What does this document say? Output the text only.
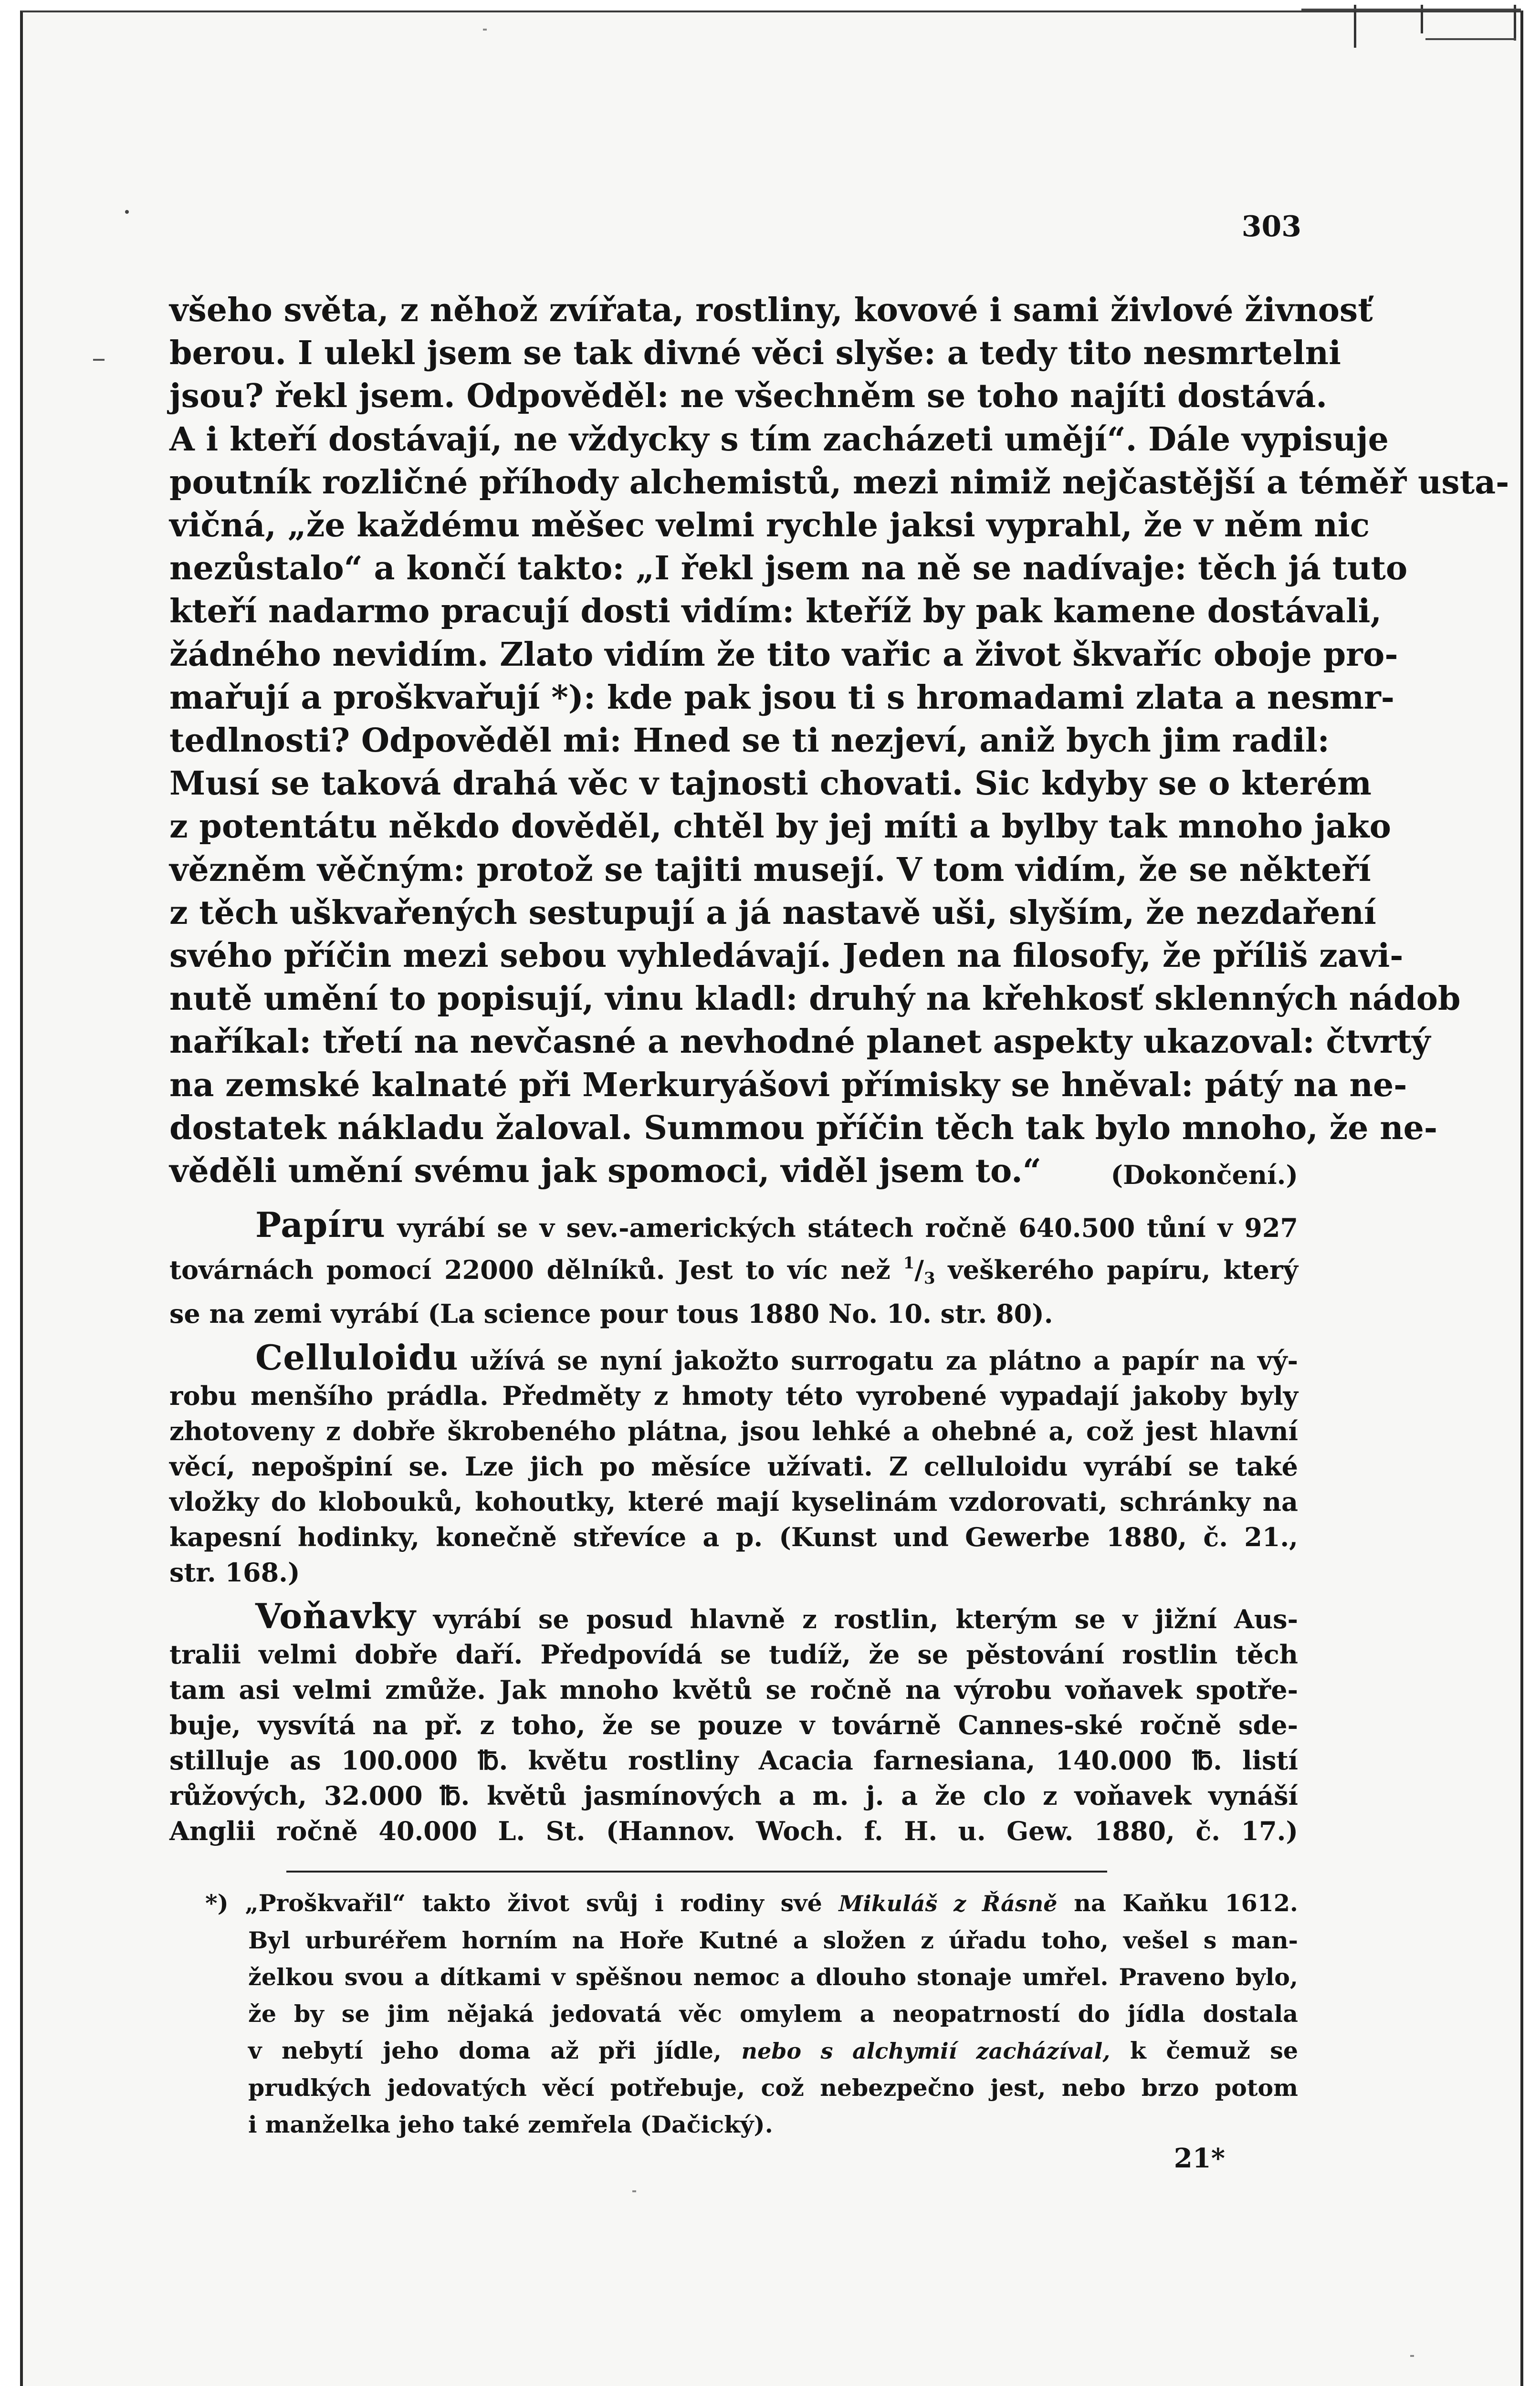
303
všeho světa, z něhož zvířata, rostliny, kovové i sami živlové živnosť
berou. I ulekl jsem se tak divné věci slyše: a tedy tito nesmrtelni
jsou? řekl jsem. Odpověděl: ne všechněm se toho najíti dostává.
A i kteří dostávají, ne vždycky s tím zacházeti umějí“. Dále vypisuje
poutník rozličné příhody alchemistů, mezi nimiž nejčastější a téměř usta-
vičná, „že každému měšec velmi rychle jaksi vyprahl, že v něm nic
nezůstalo“ a končí takto: „I řekl jsem na ně se nadívaje: těch já tuto
kteří nadarmo pracují dosti vidím: kteříž by pak kamene dostávali,
žádného nevidím. Zlato vidím že tito vařic a život škvaříc oboje pro-
mařují a proškvařují *): kde pak jsou ti s hromadami zlata a nesmr-
tedlnosti? Odpověděl mi: Hned se ti nezjeví, aniž bych jim radil:
Musí se taková drahá věc v tajnosti chovati. Sic kdyby se o kterém
z potentátu někdo dověděl, chtěl by jej míti a bylby tak mnoho jako
vězněm věčným: protož se tajiti musejí. V tom vidím, že se někteří
z těch uškvařených sestupují a já nastavě uši, slyším, že nezdaření
svého příčin mezi sebou vyhledávají. Jeden na filosofy, že příliš zavi-
nutě umění to popisují, vinu kladl: druhý na křehkosť sklenných nádob
naříkal: třetí na nevčasné a nevhodné planet aspekty ukazoval: čtvrtý
na zemské kalnaté při Merkuryášovi přímisky se hněval: pátý na ne-
dostatek nákladu žaloval. Summou příčin těch tak bylo mnoho, že ne-
věděli umění svému jak spomoci, viděl jsem to.“	(Dokončení.)
Papíru vyrábí se v sev.-amerických státech ročně 640.500 tůní v 927
továrnách pomocí 22000 dělníků. Jest to víc než $^1/_3$ veškerého papíru, který
se na zemi vyrábí (La science pour tous 1880 No. 10. str. 80).
Celluloidu užívá se nyní jakožto surrogatu za plátno a papír na vý-
robu menšího prádla. Předměty z hmoty této vyrobené vypadají jakoby byly
zhotoveny z dobře škrobeného plátna, jsou lehké a ohebné a, což jest hlavní
věcí, nepošpiní se. Lze jich po měsíce užívati. Z celluloidu vyrábí se také
vložky do klobouků, kohoutky, které mají kyselinám vzdorovati, schránky na
kapesní hodinky, konečně střevíce a p. (Kunst und Gewerbe 1880, č. 21.,
str. 168.)
Voňavky vyrábí se posud hlavně z rostlin, kterým se v jižní Aus-
tralii velmi dobře daří. Předpovídá se tudíž, že se pěstování rostlin těch
tam asi velmi zmůže. Jak mnoho květů se ročně na výrobu voňavek spotře-
buje, vysvítá na př. z toho, že se pouze v továrně Cannes-ské ročně sde-
stilluje as 100.000 ℔. květu rostliny Acacia farnesiana, 140.000 ℔. listí
růžových, 32.000 ℔. květů jasmínových a m. j. a že clo z voňavek vynáší
Anglii ročně 40.000 L. St. (Hannov. Woch. f. H. u. Gew. 1880, č. 17.)
*) „Proškvařil“ takto život svůj i rodiny své Mikuláš z Řásně na Kaňku 1612.
Byl urburéřem horním na Hoře Kutné a složen z úřadu toho, vešel s man-
želkou svou a dítkami v spěšnou nemoc a dlouho stonaje umřel. Praveno bylo,
že by se jim nějaká jedovatá věc omylem a neopatrností do jídla dostala
v nebytí jeho doma až při jídle, nebo s alchymií zacházíval, k čemuž se
prudkých jedovatých věcí potřebuje, což nebezpečno jest, nebo brzo potom
i manželka jeho také zemřela (Dačický).
21*
